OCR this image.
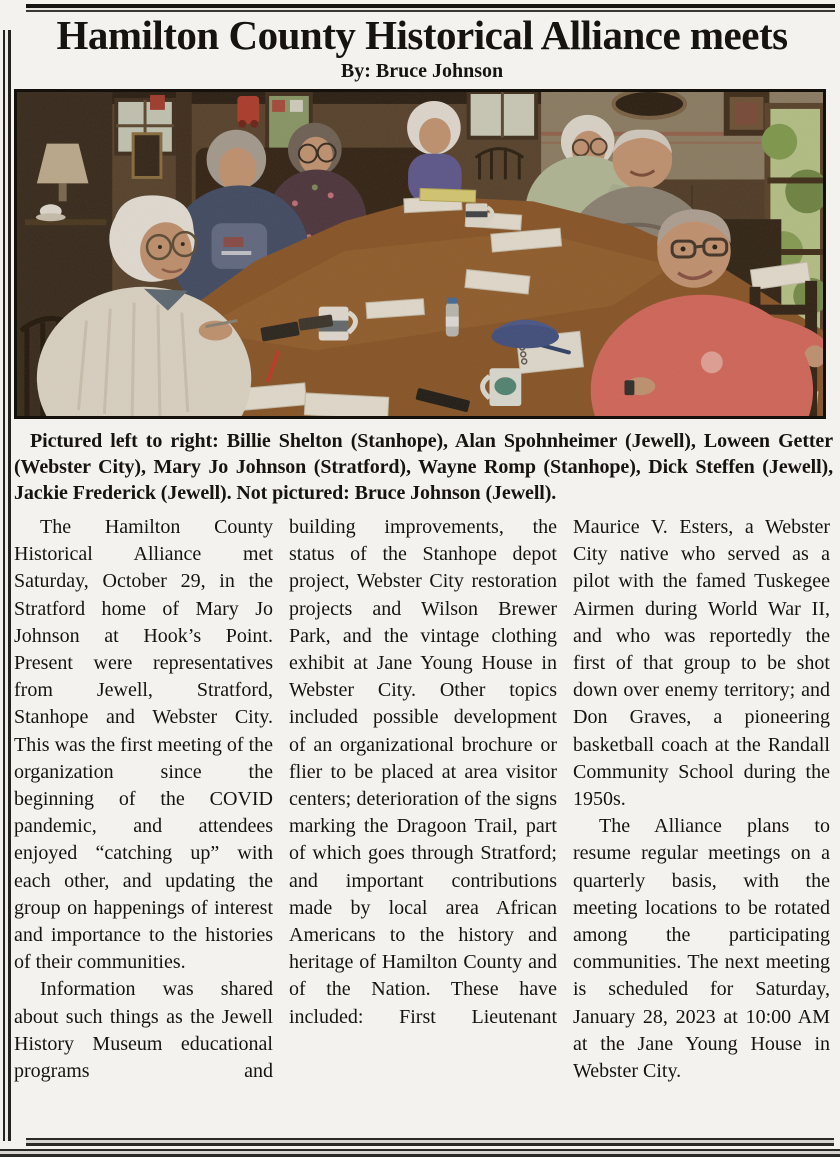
Hamilton County Historical Alliance meets
By: Bruce Johnson
Pictured left to right: Billie Shelton (Stanhope), Alan Spohnheimer (Jewell), Loween Getter (Webster City), Mary Jo Johnson (Stratford), Wayne Romp (Stanhope), Dick Steffen (Jewell), Jackie Frederick (Jewell). Not pictured: Bruce Johnson (Jewell).

The Hamilton County Historical Alliance met Saturday, October 29, in the Stratford home of Mary Jo Johnson at Hook’s Point. Present were representatives from Jewell, Stratford, Stanhope and Webster City. This was the first meeting of the organization since the beginning of the COVID pandemic, and attendees enjoyed “catching up” with each other, and updating the group on happenings of interest and importance to the histories of their communities.

Information was shared about such things as the Jewell History Museum educational programs and

building improvements, the status of the Stanhope depot project, Webster City restoration projects and Wilson Brewer Park, and the vintage clothing exhibit at Jane Young House in Webster City. Other topics included possible development of an organizational brochure or flier to be placed at area visitor centers; deterioration of the signs marking the Dragoon Trail, part of which goes through Stratford; and important contributions made by local area African Americans to the history and heritage of Hamilton County and of the Nation. These have included: First Lieutenant

Maurice V. Esters, a Webster City native who served as a pilot with the famed Tuskegee Airmen during World War II, and who was reportedly the first of that group to be shot down over enemy territory; and Don Graves, a pioneering basketball coach at the Randall Community School during the 1950s.

The Alliance plans to resume regular meetings on a quarterly basis, with the meeting locations to be rotated among the participating communities. The next meeting is scheduled for Saturday, January 28, 2023 at 10:00 AM at the Jane Young House in Webster City.
